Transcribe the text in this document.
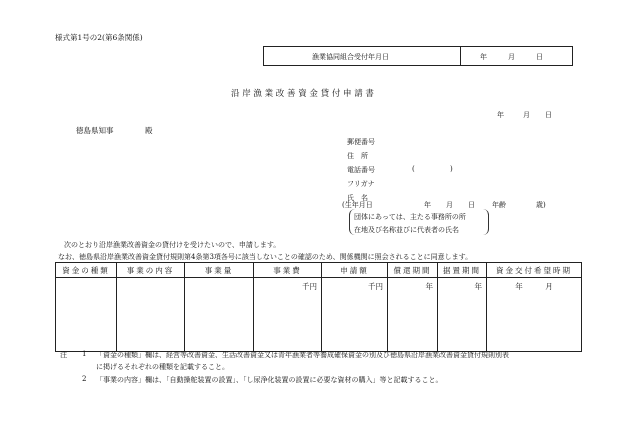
様式第1号の2(第6条関係)
漁業協同組合受付年月日	年	月	日
沿 岸 漁 業 改 善 資 金 貸 付 申 請 書
年	月 日
徳島県知事	殿
郵便番号
住　所
電話番号	(	)
フリガナ
氏　名
(生年月日	年 月 日 年齢	歳)
団体にあっては、主たる事務所の所
在地及び名称並びに代表者の氏名
次のとおり沿岸漁業改善資金の貸付けを受けたいので、申請します。
なお、徳島県沿岸漁業改善資金貸付規則第4条第3項各号に該当しないことの確認のため、関係機関に照会されることに同意します。
資金の種類	事業の内容	事業量	事業費	申請額	償還期間	据置期間	資金交付希望時期
			千円	千円	年	年	年　　　月
注 1 「資金の種類」欄は、経営等改善資金、生活改善資金又は青年漁業者等養成確保資金の別及び徳島県沿岸漁業改善資金貸付規則別表
に掲げるそれぞれの種類を記載すること。
2 「事業の内容」欄は、「自動操舵装置の設置」、「し尿浄化装置の設置に必要な資材の購入」等と記載すること。
